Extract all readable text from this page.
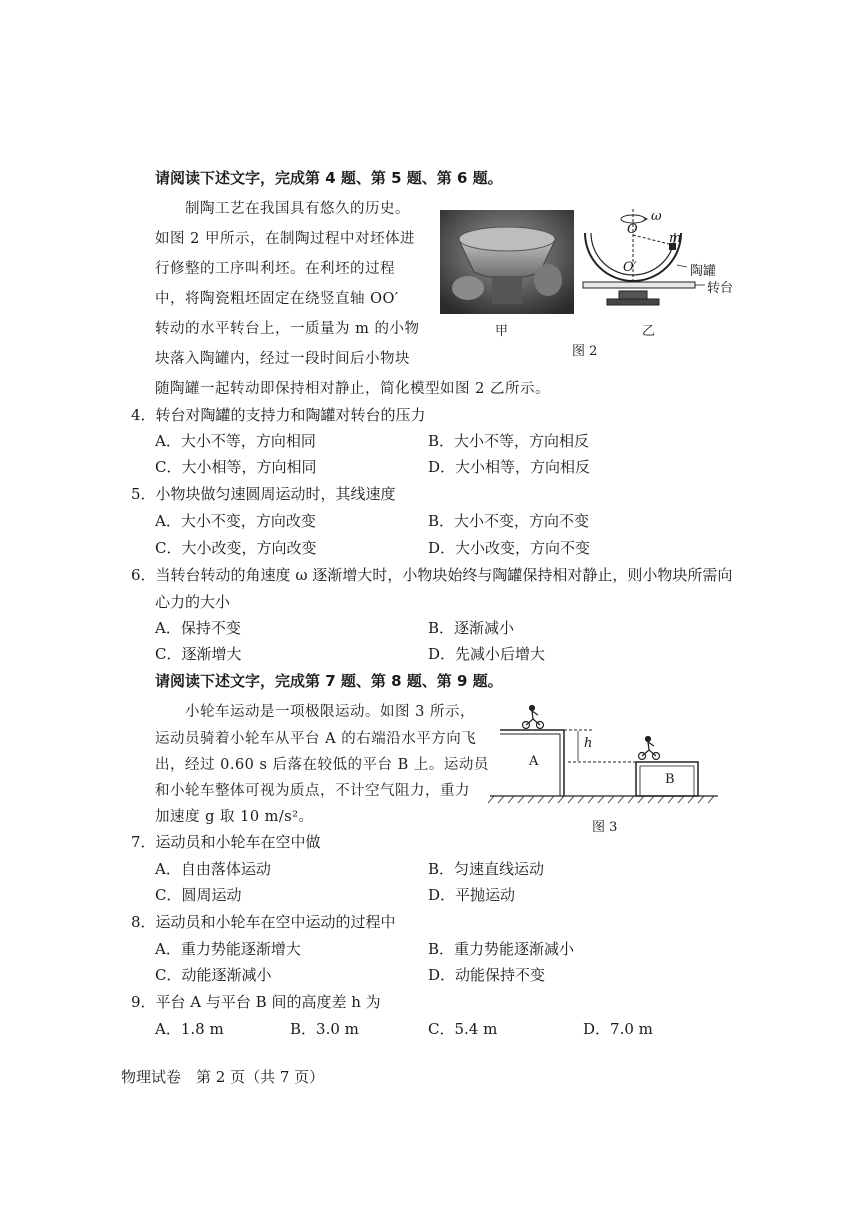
请阅读下述文字，完成第 4 题、第 5 题、第 6 题。
制陶工艺在我国具有悠久的历史。
如图 2 甲所示，在制陶过程中对坯体进
行修整的工序叫利坯。在利坯的过程
中，将陶瓷粗坯固定在绕竖直轴 OO′
转动的水平转台上，一质量为 m 的小物
块落入陶罐内，经过一段时间后小物块
随陶罐一起转动即保持相对静止，简化模型如图 2 乙所示。
甲	乙
图 2
O
O′
ω
m
陶罐
转台
4．转台对陶罐的支持力和陶罐对转台的压力
A．大小不等，方向相同	B．大小不等，方向相反
C．大小相等，方向相同	D．大小相等，方向相反
5．小物块做匀速圆周运动时，其线速度
A．大小不变，方向改变	B．大小不变，方向不变
C．大小改变，方向改变	D．大小改变，方向不变
6．当转台转动的角速度 ω 逐渐增大时，小物块始终与陶罐保持相对静止，则小物块所需向
心力的大小
A．保持不变	B．逐渐减小
C．逐渐增大	D．先减小后增大
请阅读下述文字，完成第 7 题、第 8 题、第 9 题。
小轮车运动是一项极限运动。如图 3 所示，
运动员骑着小轮车从平台 A 的右端沿水平方向飞
出，经过 0.60 s 后落在较低的平台 B 上。运动员
和小轮车整体可视为质点，不计空气阻力，重力
加速度 g 取 10 m/s²。
A
B
h
图 3
7．运动员和小轮车在空中做
A．自由落体运动	B．匀速直线运动
C．圆周运动	D．平抛运动
8．运动员和小轮车在空中运动的过程中
A．重力势能逐渐增大	B．重力势能逐渐减小
C．动能逐渐减小	D．动能保持不变
9．平台 A 与平台 B 间的高度差 h 为
A．1.8 m	B．3.0 m	C．5.4 m	D．7.0 m
物理试卷　第 2 页（共 7 页）
